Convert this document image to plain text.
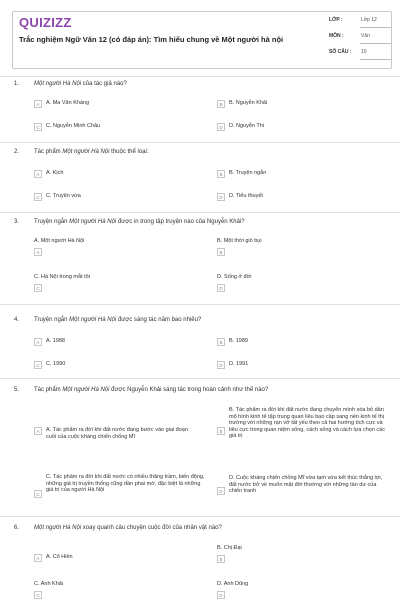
QUIZIZZ
Trắc nghiệm Ngữ Văn 12 (có đáp án): Tìm hiểu chung về Một người hà nội
LỚP :	Lớp 12
MÔN :	Văn
SỐ CÂU : 10
1. Một người Hà Nội của tác giả nào?
A	A. Ma Văn Kháng	B	B. Nguyễn Khải
C	C. Nguyễn Minh Châu	D	D. Nguyễn Thi
2. Tác phẩm Một người Hà Nội thuộc thể loại:
A	A. Kịch	B	B. Truyện ngắn
C	C. Truyện vừa	D	D. Tiểu thuyết
3. Truyện ngắn Một người Hà Nội được in trong tập truyện nào của Nguyễn Khải?
A. Một người Hà Nội
A
B. Một thời gió bụi
B
C. Hà Nội trong mắt tôi
C
D. Sống ở đời
D
4. Truyện ngắn Một người Hà Nội được sáng tác năm bao nhiêu?
A	A. 1988	B	B. 1989
C	C. 1990	D	D. 1991
5. Tác phẩm Một người Hà Nội được Nguyễn Khải sáng tác trong hoàn cảnh như thế nào?
A	A. Tác phẩm ra đời khi đất nước đang bước vào giai đoạn cuối của cuộc kháng chiến chống Mĩ
B
B. Tác phẩm ra đời khi đất nước đang chuyển mình xóa bỏ dần mô hình kinh tế tập trung quan liêu bao cấp sang nền kinh tế thị trường với những rạn vỡ tất yếu theo cả hai hướng tích cực và tiêu cực trong quan niệm sống, cách sống và cách lựa chọn các giá trị
C
C. Tác phẩm ra đời khi đất nước có nhiều thăng trầm, biến động, những giá trị truyền thống cũng dần phai mờ, đặc biệt là những giá trị của người Hà Nội	D
D. Cuộc kháng chiến chống Mĩ vừa tạm vừa kết thúc thắng lợi, đất nước trở về muôn mặt đời thường với những tàn dư của chiến tranh
6. Một người Hà Nội xoay quanh câu chuyện cuộc đời của nhân vật nào?
A	A. Cô Hiền
B. Chị Đại
B
C. Anh Khải
C
D. Anh Dũng
D
